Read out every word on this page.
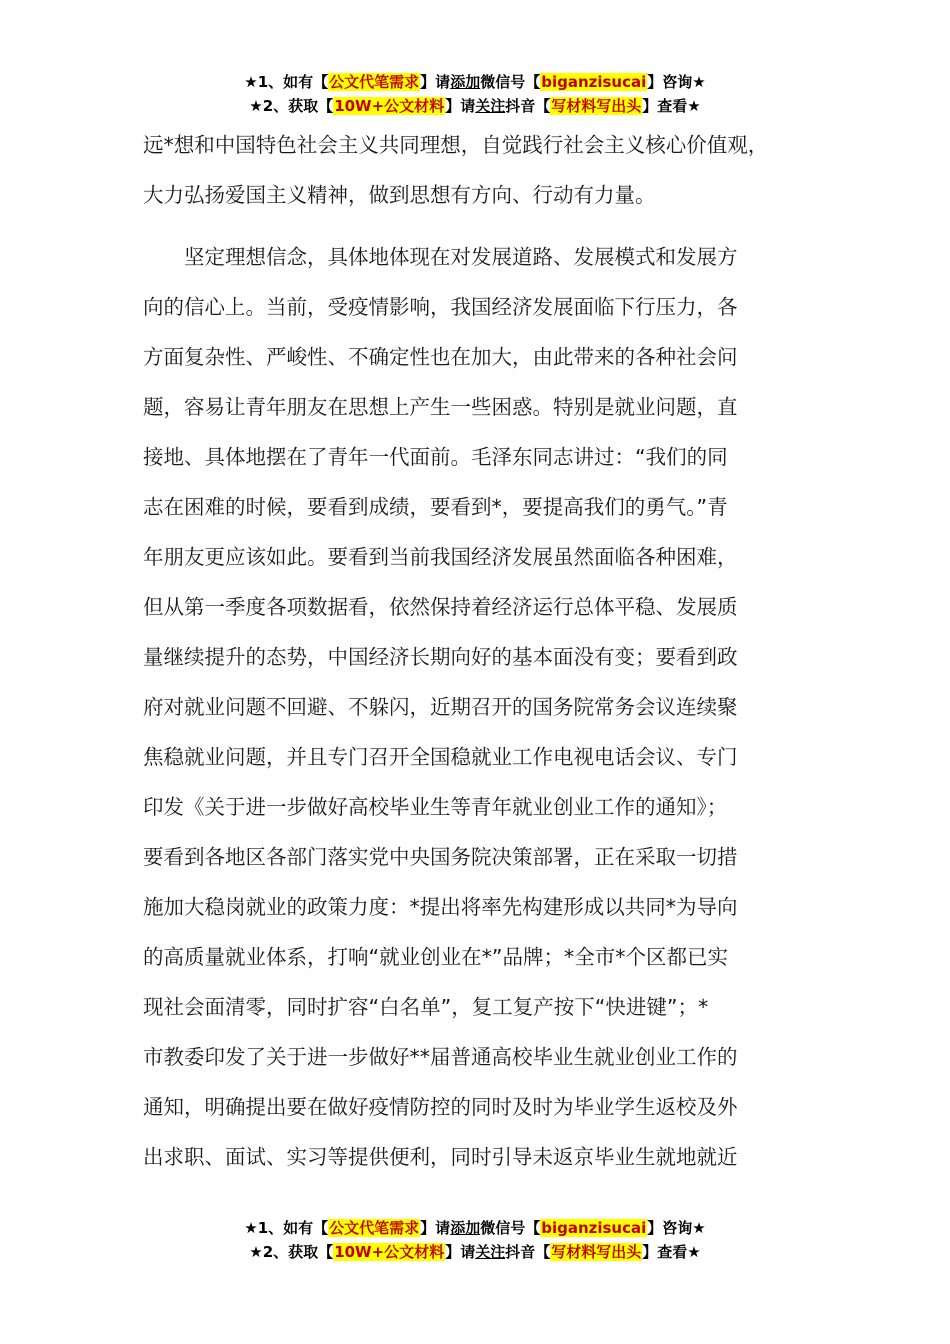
★1、如有【公文代笔需求】请添加微信号【biganzisucai】咨询★
★2、获取【10W+公文材料】请关注抖音【写材料写出头】查看★
远*想和中国特色社会主义共同理想，自觉践行社会主义核心价值观，
大力弘扬爱国主义精神，做到思想有方向、行动有力量。
　　坚定理想信念，具体地体现在对发展道路、发展模式和发展方
向的信心上。当前，受疫情影响，我国经济发展面临下行压力，各
方面复杂性、严峻性、不确定性也在加大，由此带来的各种社会问
题，容易让青年朋友在思想上产生一些困惑。特别是就业问题，直
接地、具体地摆在了青年一代面前。毛泽东同志讲过：“我们的同
志在困难的时候，要看到成绩，要看到*，要提高我们的勇气。”青
年朋友更应该如此。要看到当前我国经济发展虽然面临各种困难，
但从第一季度各项数据看，依然保持着经济运行总体平稳、发展质
量继续提升的态势，中国经济长期向好的基本面没有变；要看到政
府对就业问题不回避、不躲闪，近期召开的国务院常务会议连续聚
焦稳就业问题，并且专门召开全国稳就业工作电视电话会议、专门
印发《关于进一步做好高校毕业生等青年就业创业工作的通知》；
要看到各地区各部门落实党中央国务院决策部署，正在采取一切措
施加大稳岗就业的政策力度：*提出将率先构建形成以共同*为导向
的高质量就业体系，打响“就业创业在*”品牌；*全市*个区都已实
现社会面清零，同时扩容“白名单”，复工复产按下“快进键”；*
市教委印发了关于进一步做好**届普通高校毕业生就业创业工作的
通知，明确提出要在做好疫情防控的同时及时为毕业学生返校及外
出求职、面试、实习等提供便利，同时引导未返京毕业生就地就近
★1、如有【公文代笔需求】请添加微信号【biganzisucai】咨询★
★2、获取【10W+公文材料】请关注抖音【写材料写出头】查看★
